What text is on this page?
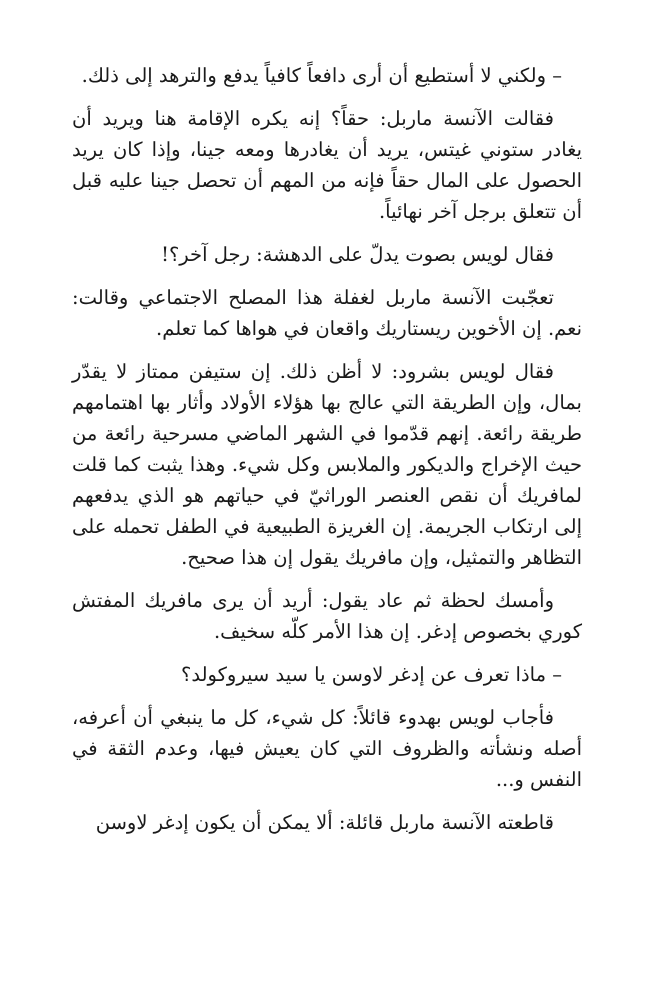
– ولكني لا أستطيع أن أرى دافعاً كافياً يدفع والترهد إلى ذلك.

فقالت الآنسة ماربل: حقاً؟ إنه يكره الإقامة هنا ويريد أن يغادر ستوني غيتس، يريد أن يغادرها ومعه جينا، وإذا كان يريد الحصول على المال حقاً فإنه من المهم أن تحصل جينا عليه قبل أن تتعلق برجل آخر نهائياً.

فقال لويس بصوت يدلّ على الدهشة: رجل آخر؟!

تعجّبت الآنسة ماربل لغفلة هذا المصلح الاجتماعي وقالت: نعم. إن الأخوين ريستاريك واقعان في هواها كما تعلم.

فقال لويس بشرود: لا أظن ذلك. إن ستيفن ممتاز لا يقدّر بمال، وإن الطريقة التي عالج بها هؤلاء الأولاد وأثار بها اهتمامهم طريقة رائعة. إنهم قدّموا في الشهر الماضي مسرحية رائعة من حيث الإخراج والديكور والملابس وكل شيء. وهذا يثبت كما قلت لمافريك أن نقص العنصر الوراثيّ في حياتهم هو الذي يدفعهم إلى ارتكاب الجريمة. إن الغريزة الطبيعية في الطفل تحمله على التظاهر والتمثيل، وإن مافريك يقول إن هذا صحيح.

وأمسك لحظة ثم عاد يقول: أريد أن يرى مافريك المفتش كوري بخصوص إدغر. إن هذا الأمر كلّه سخيف.

– ماذا تعرف عن إدغر لاوسن يا سيد سيروكولد؟

فأجاب لويس بهدوء قائلاً: كل شيء، كل ما ينبغي أن أعرفه، أصله ونشأته والظروف التي كان يعيش فيها، وعدم الثقة في النفس و...

قاطعته الآنسة ماربل قائلة: ألا يمكن أن يكون إدغر لاوسن
